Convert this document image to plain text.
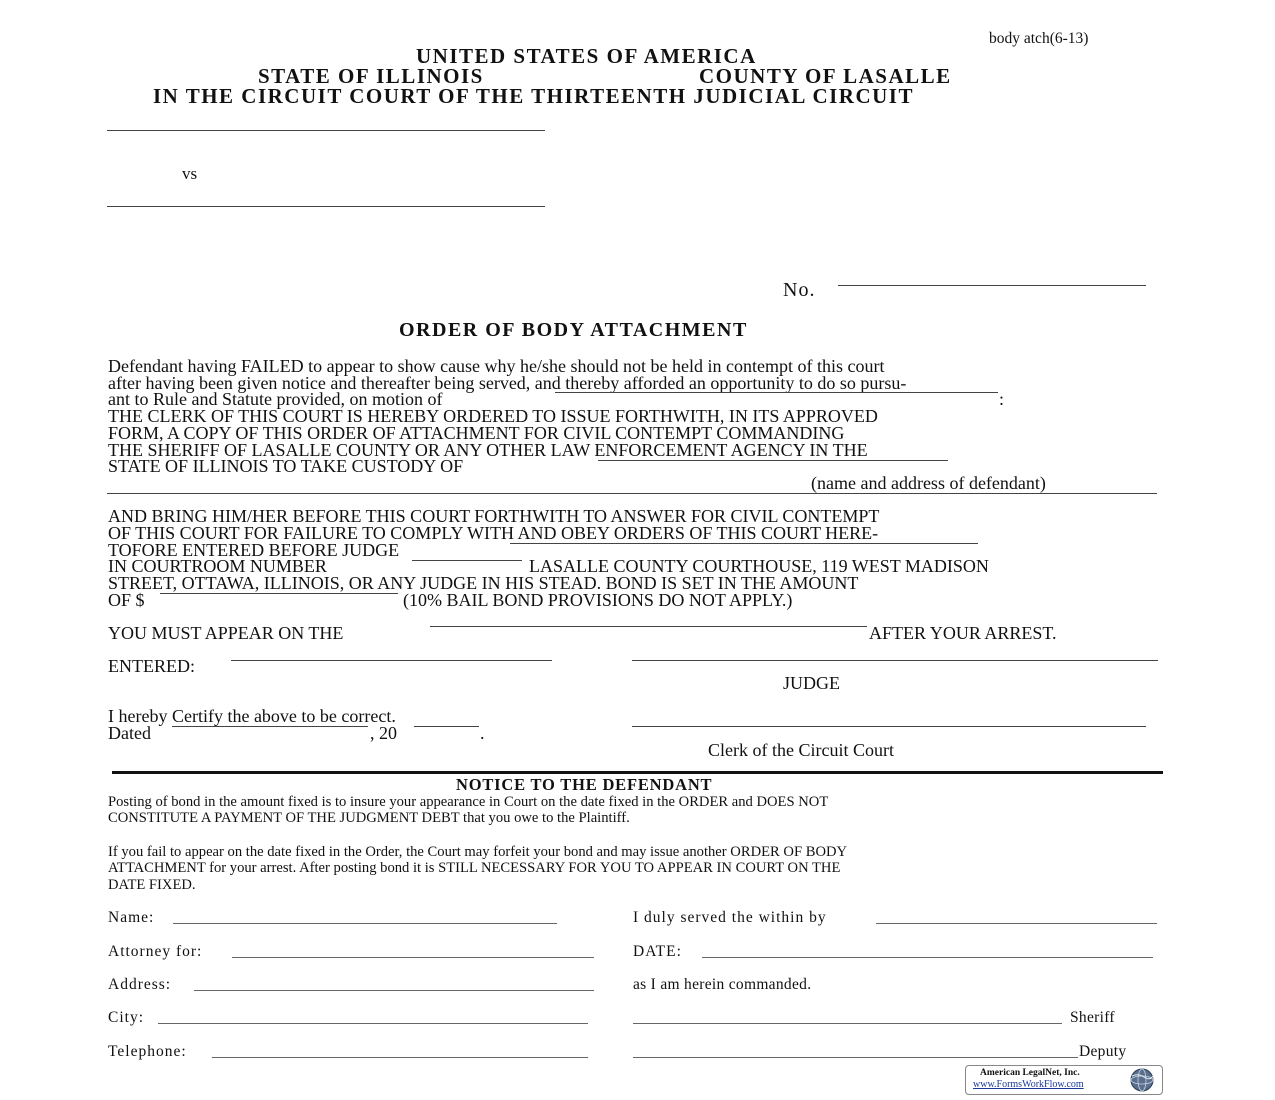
body atch(6-13)
UNITED STATES OF AMERICA
STATE OF ILLINOIS	COUNTY OF LASALLE
IN THE CIRCUIT COURT OF THE THIRTEENTH JUDICIAL CIRCUIT
vs
No.
ORDER OF BODY ATTACHMENT
Defendant having FAILED to appear to show cause why he/she should not be held in contempt of this court
after having been given notice and thereafter being served, and thereby afforded an opportunity to do so pursu-
ant to Rule and Statute provided, on motion of	:
THE CLERK OF THIS COURT IS HEREBY ORDERED TO ISSUE FORTHWITH, IN ITS APPROVED
FORM, A COPY OF THIS ORDER OF ATTACHMENT FOR CIVIL CONTEMPT COMMANDING
THE SHERIFF OF LASALLE COUNTY OR ANY OTHER LAW ENFORCEMENT AGENCY IN THE
STATE OF ILLINOIS TO TAKE CUSTODY OF
(name and address of defendant)
AND BRING HIM/HER BEFORE THIS COURT FORTHWITH TO ANSWER FOR CIVIL CONTEMPT
OF THIS COURT FOR FAILURE TO COMPLY WITH AND OBEY ORDERS OF THIS COURT HERE-
TOFORE ENTERED BEFORE JUDGE
IN COURTROOM NUMBER	LASALLE COUNTY COURTHOUSE, 119 WEST MADISON
STREET, OTTAWA, ILLINOIS, OR ANY JUDGE IN HIS STEAD. BOND IS SET IN THE AMOUNT
OF $	(10% BAIL BOND PROVISIONS DO NOT APPLY.)
YOU MUST APPEAR ON THE	AFTER YOUR ARREST.
ENTERED:
JUDGE
I hereby Certify the above to be correct.
Dated	, 20	.
Clerk of the Circuit Court
NOTICE TO THE DEFENDANT
Posting of bond in the amount fixed is to insure your appearance in Court on the date fixed in the ORDER and DOES NOT
CONSTITUTE A PAYMENT OF THE JUDGMENT DEBT that you owe to the Plaintiff.
If you fail to appear on the date fixed in the Order, the Court may forfeit your bond and may issue another ORDER OF BODY
ATTACHMENT for your arrest. After posting bond it is STILL NECESSARY FOR YOU TO APPEAR IN COURT ON THE
DATE FIXED.
Name:
Attorney for:
Address:
City:
Telephone:
I duly served the within by
DATE:
as I am herein commanded.
Sheriff
Deputy
American LegalNet, Inc.
www.FormsWorkFlow.com
